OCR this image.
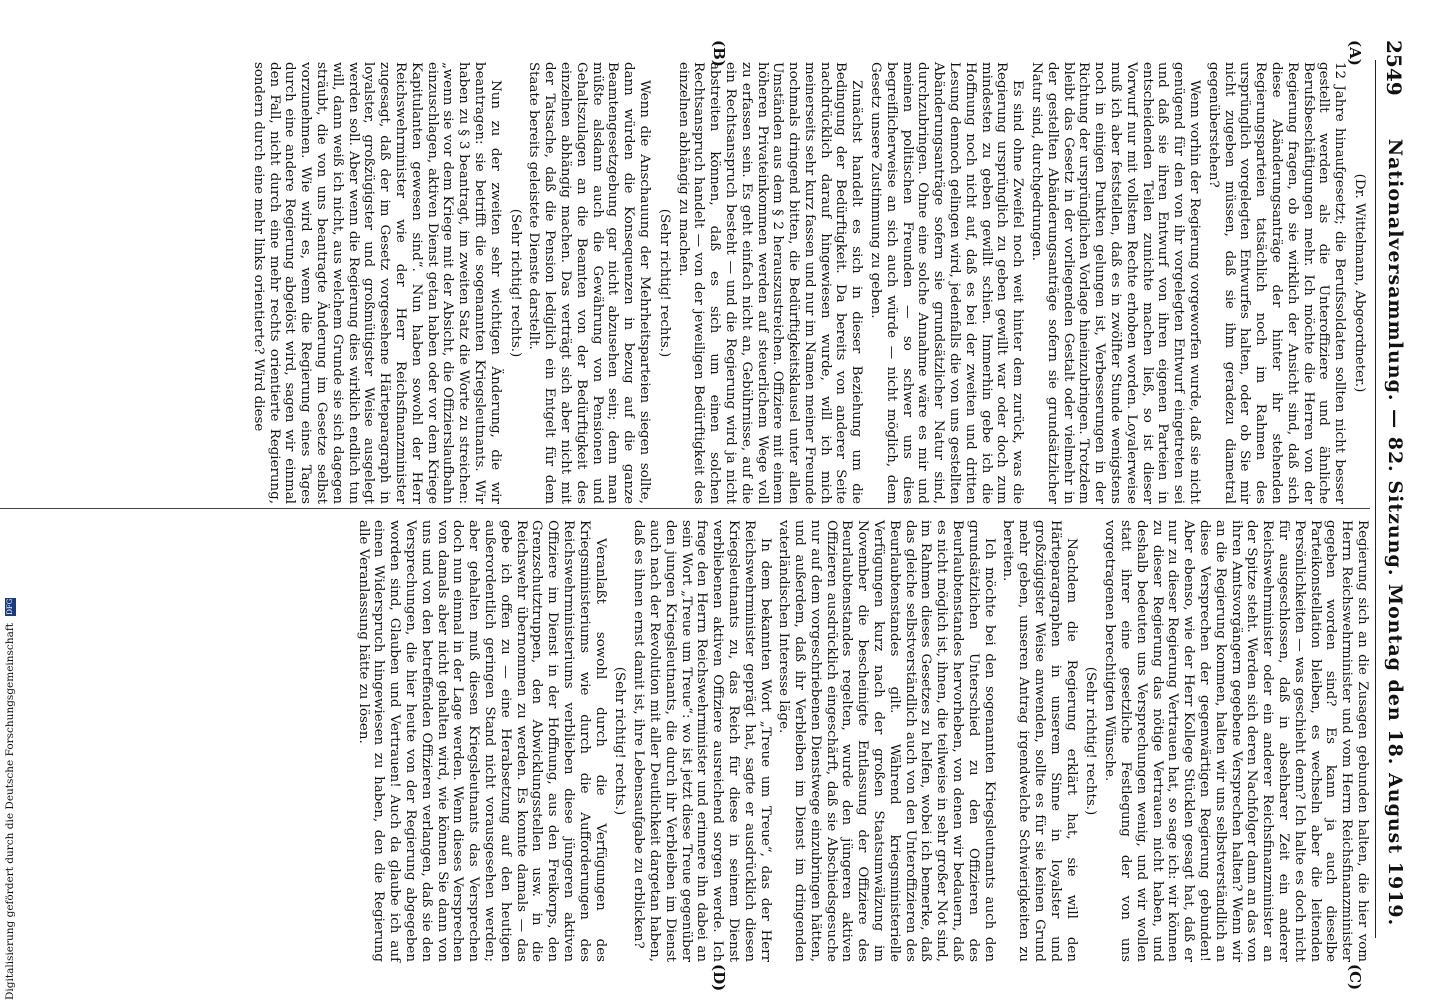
2549
Nationalversammlung. — 82. Sitzung. Montag den 18. August 1919.

(Dr. Wittelmann, Abgeordneter.)

12 Jahre hinaufgesetzt; die Berufssoldaten sollten nicht besser gestellt werden als die Unteroffiziere und ähnliche Berufsbeschäftigungen mehr. Ich möchte die Herren von der Regierung fragen, ob sie wirklich der Ansicht sind, daß sich diese Abänderungsanträge der hinter ihr stehenden Regierungsparteien tatsächlich noch im Rahmen des ursprünglich vorgelegten Entwurfes halten, oder ob Sie mir nicht zugeben müssen, daß sie ihm geradezu diametral gegenüberstehen?

Wenn vorhin der Regierung vorgeworfen wurde, daß sie nicht genügend für den von ihr vorgelegten Entwurf eingetreten sei und daß sie ihren Entwurf von ihren eigenen Parteien in entscheidenden Teilen zunichte machen ließ, so ist dieser Vorwurf nur mit vollstem Rechte erhoben worden. Loyalerweise muß ich aber feststellen, daß es in zwölfter Stunde wenigstens noch in einigen Punkten gelungen ist, Verbesserungen in der Richtung der ursprünglichen Vorlage hineinzubringen. Trotzdem bleibt das Gesetz in der vorliegenden Gestalt oder vielmehr in der gestellten Abänderungsanträge sofern sie grundsätzlicher Natur sind, durchgedrungen.

Es sind ohne Zweifel noch weit hinter dem zurück, was die Regierung ursprünglich zu geben gewillt war oder doch zum mindesten zu geben gewillt schien. Immerhin gebe ich die Hoffnung noch nicht auf, daß es bei der zweiten und dritten Lesung dennoch gelingen wird, jedenfalls die von uns gestellten Abänderungsanträge sofern sie grundsätzlicher Natur sind, durchzubringen. Ohne eine solche Annahme wäre es mir und meinen politischen Freunden — so schwer uns dies begreiflicherweise an sich auch würde — nicht möglich, dem Gesetz unsere Zustimmung zu geben.

Zunächst handelt es sich in dieser Beziehung um die Bedingung der Bedürftigkeit. Da bereits von anderer Seite nachdrücklich darauf hingewiesen wurde, will ich mich meinerseits sehr kurz fassen und nur im Namen meiner Freunde nochmals dringend bitten, die Bedürftigkeitsklausel unter allen Umständen aus dem § 2 herauszustreichen. Offiziere mit einem höheren Privateinkommen werden auf steuerlichem Wege voll zu erfassen sein. Es geht einfach nicht an, Gebührnisse, auf die ein Rechtsanspruch besteht — und die Regierung wird ja nicht abstreiten können, daß es sich um einen solchen Rechtsanspruch handelt — von der jeweiligen Bedürftigkeit des einzelnen abhängig zu machen.

(Sehr richtig! rechts.)

Wenn die Anschauung der Mehrheitsparteien siegen sollte, dann würden die Konsequenzen in bezug auf die ganze Beamtengesetzgebung gar nicht abzusehen sein; denn man müßte alsdann auch die Gewährung von Pensionen und Gehaltszulagen an die Beamten von der Bedürftigkeit des einzelnen abhängig machen. Das verträgt sich aber nicht mit der Tatsache, daß die Pension lediglich ein Entgelt für dem Staate bereits geleistete Dienste darstellt.

(Sehr richtig! rechts.)

Nun zu der zweiten sehr wichtigen Änderung, die wir beantragen: sie betrifft die sogenannten Kriegsleutnants. Wir haben zu § 3 beantragt, im zweiten Satz die Worte zu streichen: „wenn sie vor dem Kriege mit der Absicht, die Offizierslaufbahn einzuschlagen, aktiven Dienst getan haben oder vor dem Kriege Kapitulanten gewesen sind“. Nun haben sowohl der Herr Reichswehrminister wie der Herr Reichsfinanzminister zugesagt, daß der im Gesetz vorgesehene Härteparagraph in loyalster, großzügigster und großmütigster Weise ausgelegt werden soll. Aber wenn die Regierung dies wirklich endlich tun will, dann weiß ich nicht, aus welchem Grunde sie sich dagegen sträubt, die von uns beantragte Änderung im Gesetze selbst vorzunehmen. Wie wird es, wenn die Regierung eines Tages durch eine andere Regierung abgelöst wird, sagen wir einmal den Fall, nicht durch eine mehr rechts orientierte Regierung, sondern durch eine mehr links orientierte? Wird diese

Regierung sich an die Zusagen gebunden halten, die hier vom Herrn Reichswehrminister und vom Herrn Reichsfinanzminister gegeben worden sind? Es kann ja auch dieselbe Parteikonstellation bleiben, es wechseln aber die leitenden Persönlichkeiten — was geschieht denn? Ich halte es doch nicht für ausgeschlossen, daß in absehbarer Zeit ein anderer Reichswehrminister oder ein anderer Reichsfinanzminister an der Spitze steht. Werden sich deren Nachfolger dann an das von ihren Amtsvorgängern gegebene Versprechen halten? Wenn wir an die Regierung kommen, halten wir uns selbstverständlich an diese Versprechen der gegenwärtigen Regierung gebunden! Aber ebenso, wie der Herr Kollege Stücklen gesagt hat, daß er nur zu dieser Regierung Vertrauen hat, so sage ich: wir können zu dieser Regierung das nötige Vertrauen nicht haben, und deshalb bedeuten uns Versprechungen wenig, und wir wollen statt ihrer eine gesetzliche Festlegung der von uns vorgetragenen berechtigten Wünsche.

(Sehr richtig! rechts.)

Nachdem die Regierung erklärt hat, sie will den Härteparagraphen in unserem Sinne in loyalster und großzügigster Weise anwenden, sollte es für sie keinen Grund mehr geben, unseren Antrag irgendwelche Schwierigkeiten zu bereiten.

Ich möchte bei den sogenannten Kriegsleutnants auch den grundsätzlichen Unterschied zu den Offizieren des Beurlaubtenstandes hervorheben, von denen wir bedauern, daß es nicht möglich ist, ihnen, die teilweise in sehr großer Not sind, im Rahmen dieses Gesetzes zu helfen, wobei ich bemerke, daß das gleiche selbstverständlich auch von den Unteroffizieren des Beurlaubtenstandes gilt. Während kriegsministerielle Verfügungen kurz nach der großen Staatsumwälzung im November die bescheinigte Entlassung der Offiziere des Beurlaubtenstandes regelten, wurde den jüngeren aktiven Offizieren ausdrücklich eingeschärft, daß sie Abschiedsgesuche nur auf dem vorgeschriebenen Dienstwege einzubringen hätten, und außerdem, daß ihr Verbleiben im Dienst im dringenden vaterländischen Interesse läge.

In dem bekannten Wort „Treue um Treue“, das der Herr Reichswehrminister geprägt hat, sagte er ausdrücklich diesen Kriegsleutnants zu, das Reich für diese in seinem Dienst verbliebenen aktiven Offiziere ausreichend sorgen werde. Ich frage den Herrn Reichswehrminister und erinnere ihn dabei an sein Wort „Treue um Treue“: wo ist jetzt diese Treue gegenüber den jungen Kriegsleutnants, die durch ihr Verbleiben im Dienst auch nach der Revolution mit aller Deutlichkeit dargetan haben, daß es ihnen ernst damit ist, ihre Lebensaufgabe zu erblicken?

(Sehr richtig! rechts.)

Veranlaßt sowohl durch die Verfügungen des Kriegsministeriums wie durch die Aufforderungen des Reichswehrministeriums verblieben diese jüngeren aktiven Offiziere im Dienst in der Hoffnung, aus den Freikorps, den Grenzschutztruppen, den Abwicklungsstellen usw. in die Reichswehr übernommen zu werden. Es konnte damals — das gebe ich offen zu — eine Herabsetzung auf den heutigen außerordentlich geringen Stand nicht vorausgesehen werden; aber gehalten muß diesen Kriegsleutnants das Versprechen doch nun einmal in der Lage werden. Wenn dieses Versprechen von damals aber nicht gehalten wird, wie können Sie dann von uns und von den betreffenden Offizieren verlangen, daß sie den Versprechungen, die hier heute von der Regierung abgegeben worden sind, Glauben und Vertrauen! Auch da glaube ich auf einen Widerspruch hingewiesen zu haben, den die Regierung alle Veranlassung hätte zu lösen.

(A)
(B)
(C)
(D)
Digitalisierung gefördert durch die Deutsche Forschungsgemeinschaft DFG
